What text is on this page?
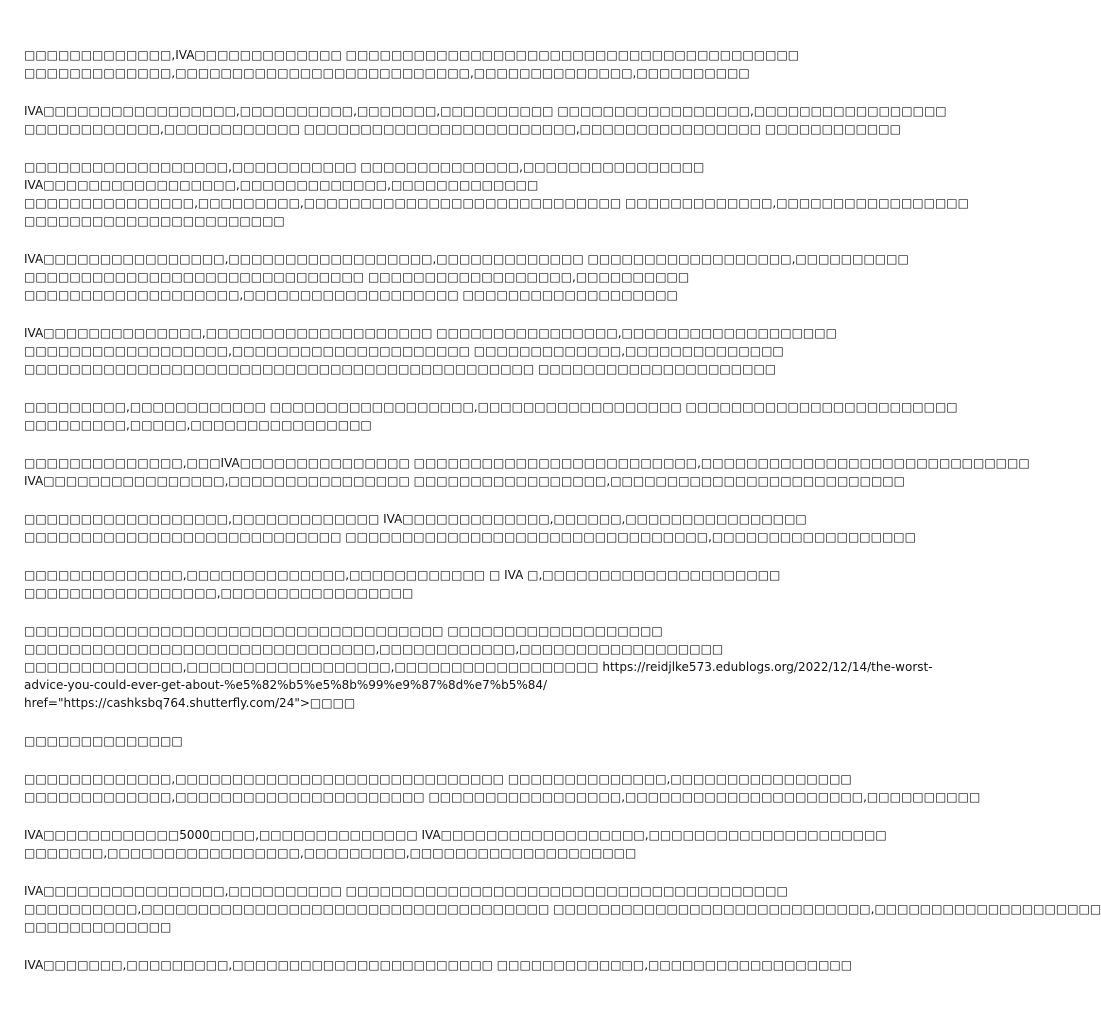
□□□□□□□□□□□□□,IVA□□□□□□□□□□□□□ □□□□□□□□□□□□□□□□□□□□□□□□□□□□□□□□□□□□□□□□
□□□□□□□□□□□□□,□□□□□□□□□□□□□□□□□□□□□□□□□□,□□□□□□□□□□□□□□,□□□□□□□□□□

IVA□□□□□□□□□□□□□□□□□,□□□□□□□□□□,□□□□□□□,□□□□□□□□□□ □□□□□□□□□□□□□□□□□,□□□□□□□□□□□□□□□□□
□□□□□□□□□□□□,□□□□□□□□□□□□ □□□□□□□□□□□□□□□□□□□□□□□□,□□□□□□□□□□□□□□□□ □□□□□□□□□□□□

□□□□□□□□□□□□□□□□□□,□□□□□□□□□□□ □□□□□□□□□□□□□□,□□□□□□□□□□□□□□□□
IVA□□□□□□□□□□□□□□□□□,□□□□□□□□□□□□□,□□□□□□□□□□□□□
□□□□□□□□□□□□□□□,□□□□□□□□□,□□□□□□□□□□□□□□□□□□□□□□□□□□□□ □□□□□□□□□□□□□,□□□□□□□□□□□□□□□□□
□□□□□□□□□□□□□□□□□□□□□□□

IVA□□□□□□□□□□□□□□□□,□□□□□□□□□□□□□□□□□□,□□□□□□□□□□□□□ □□□□□□□□□□□□□□□□□□,□□□□□□□□□□
□□□□□□□□□□□□□□□□□□□□□□□□□□□□□□ □□□□□□□□□□□□□□□□□□,□□□□□□□□□□
□□□□□□□□□□□□□□□□□□□,□□□□□□□□□□□□□□□□□□□ □□□□□□□□□□□□□□□□□□□

IVA□□□□□□□□□□□□□□,□□□□□□□□□□□□□□□□□□□□ □□□□□□□□□□□□□□□□,□□□□□□□□□□□□□□□□□□□
□□□□□□□□□□□□□□□□□□,□□□□□□□□□□□□□□□□□□□□□ □□□□□□□□□□□□□,□□□□□□□□□□□□□□
□□□□□□□□□□□□□□□□□□□□□□□□□□□□□□□□□□□□□□□□□□□□□ □□□□□□□□□□□□□□□□□□□□□

□□□□□□□□□,□□□□□□□□□□□□ □□□□□□□□□□□□□□□□□□,□□□□□□□□□□□□□□□□□□ □□□□□□□□□□□□□□□□□□□□□□□□
□□□□□□□□□,□□□□□,□□□□□□□□□□□□□□□□

□□□□□□□□□□□□□□,□□□IVA□□□□□□□□□□□□□□□ □□□□□□□□□□□□□□□□□□□□□□□□□,□□□□□□□□□□□□□□□□□□□□□□□□□□□□□
IVA□□□□□□□□□□□□□□□□,□□□□□□□□□□□□□□□□ □□□□□□□□□□□□□□□□□,□□□□□□□□□□□□□□□□□□□□□□□□□□

□□□□□□□□□□□□□□□□□□,□□□□□□□□□□□□□ IVA□□□□□□□□□□□□□,□□□□□□,□□□□□□□□□□□□□□□□
□□□□□□□□□□□□□□□□□□□□□□□□□□□□ □□□□□□□□□□□□□□□□□□□□□□□□□□□□□□□□,□□□□□□□□□□□□□□□□□□

□□□□□□□□□□□□□□,□□□□□□□□□□□□□□,□□□□□□□□□□□□ □ IVA □,□□□□□□□□□□□□□□□□□□□□□
□□□□□□□□□□□□□□□□□,□□□□□□□□□□□□□□□□□

□□□□□□□□□□□□□□□□□□□□□□□□□□□□□□□□□□□□□ □□□□□□□□□□□□□□□□□□□
□□□□□□□□□□□□□□□□□□□□□□□□□□□□□□□,□□□□□□□□□□□□,□□□□□□□□□□□□□□□□□□
□□□□□□□□□□□□□□,□□□□□□□□□□□□□□□□□□,□□□□□□□□□□□□□□□□□□ https://reidjlke573.edublogs.org/2022/12/14/the-worst-
advice-you-could-ever-get-about-%e5%82%b5%e5%8b%99%e9%87%8d%e7%b5%84/
href="https://cashksbq764.shutterfly.com/24">□□□□

□□□□□□□□□□□□□□

□□□□□□□□□□□□□,□□□□□□□□□□□□□□□□□□□□□□□□□□□□□ □□□□□□□□□□□□□□,□□□□□□□□□□□□□□□□
□□□□□□□□□□□□□,□□□□□□□□□□□□□□□□□□□□□□ □□□□□□□□□□□□□□□□□,□□□□□□□□□□□□□□□□□□□□□,□□□□□□□□□□

IVA□□□□□□□□□□□□5000□□□□,□□□□□□□□□□□□□□ IVA□□□□□□□□□□□□□□□□□□,□□□□□□□□□□□□□□□□□□□□□
□□□□□□□,□□□□□□□□□□□□□□□□□,□□□□□□□□□,□□□□□□□□□□□□□□□□□□□□

IVA□□□□□□□□□□□□□□□□,□□□□□□□□□□ □□□□□□□□□□□□□□□□□□□□□□□□□□□□□□□□□□□□□□□
□□□□□□□□□□,□□□□□□□□□□□□□□□□□□□□□□□□□□□□□□□□□□□□ □□□□□□□□□□□□□□□□□□□□□□□□□□□□,□□□□□□□□□□□□□□□□□□□□
□□□□□□□□□□□□□

IVA□□□□□□□,□□□□□□□□□,□□□□□□□□□□□□□□□□□□□□□□□ □□□□□□□□□□□□□,□□□□□□□□□□□□□□□□□□
